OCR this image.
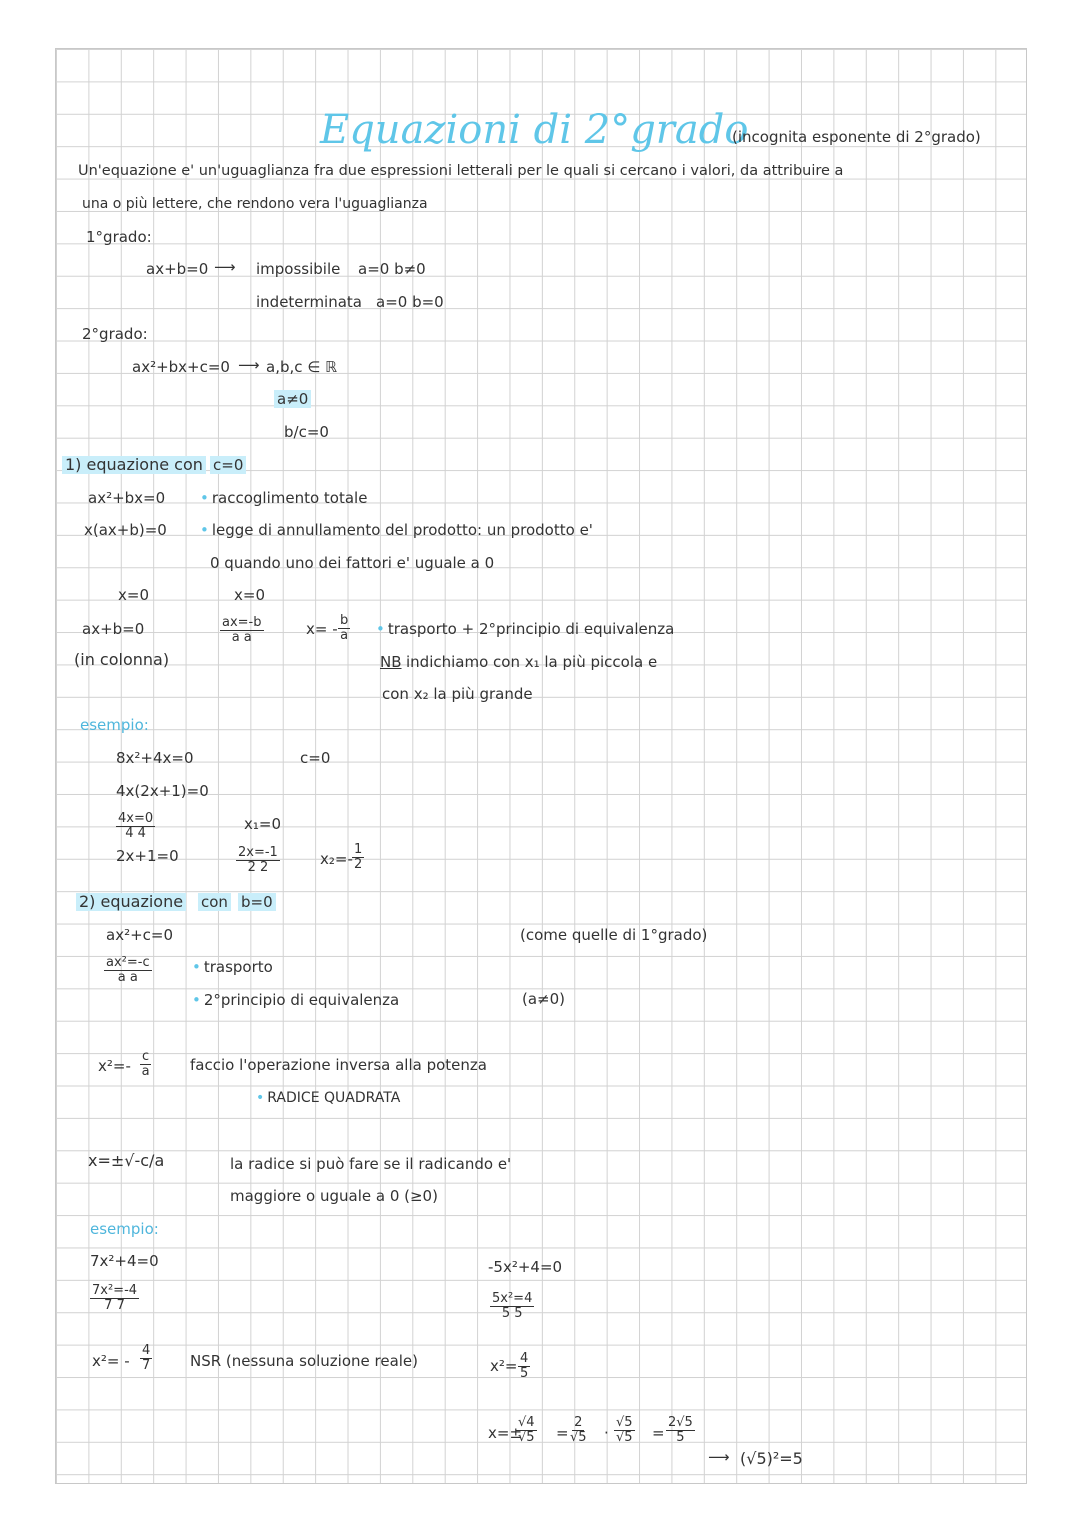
Equazioni di 2°grado
(incognita esponente di 2°grado)
Un'equazione e' un'uguaglianza fra due espressioni letterali per le quali si cercano i valori, da attribuire a
una o più lettere, che rendono vera l'uguaglianza
1°grado:
ax+b=0 ⟶ impossibile a=0 b≠0
indeterminata a=0 b=0
2°grado:
ax²+bx+c=0 ⟶ a,b,c ∈ ℝ
a≠0
b/c=0
1) equazione con c=0
ax²+bx=0	• raccoglimento totale
x(ax+b)=0	• legge di annullamento del prodotto: un prodotto e'
0 quando uno dei fattori e' uguale a 0
x=0	x=0
ax+b=0
(in colonna)
$\frac{ax=-b}{\text{a a}}$	$x= - \frac{b}{a}$	• trasporto + 2°principio di equivalenza
NB indichiamo con x₁ la più piccola e
con x₂ la più grande
esempio:
8x²+4x=0	c=0
4x(2x+1)=0
$\frac{4x=0}{4 4}$	x₁=0
2x+1=0	$\frac{2x=-1}{2 2}$	$x_2=- \frac{1}{2}$
2) equazione con b=0
ax²+c=0	(come quelle di 1°grado)
$\frac{\text{ax²=-c}}{\text{a a}}$	• trasporto
• 2°principio di equivalenza	(a≠0)
$x^2=- \frac{c}{a}$	faccio l'operazione inversa alla potenza
• RADICE QUADRATA
x=±√-c/a	la radice si può fare se il radicando e'
maggiore o uguale a 0 (≥0)
esempio:
7x²+4=0
$\frac{\text{7x²=-4}}{7 7}$
$x^2= - \frac{4}{7}$	NSR (nessuna soluzione reale)
-5x²+4=0
$\frac{\text{5x²=4}}{5 5}$
$x^2= \frac{4}{5}$
x=±
$\frac{√4}{√5} = \frac{2}{√5} \cdot \frac{√5}{√5} = \frac{2√5}{5}$
⟶ (√5)²=5
